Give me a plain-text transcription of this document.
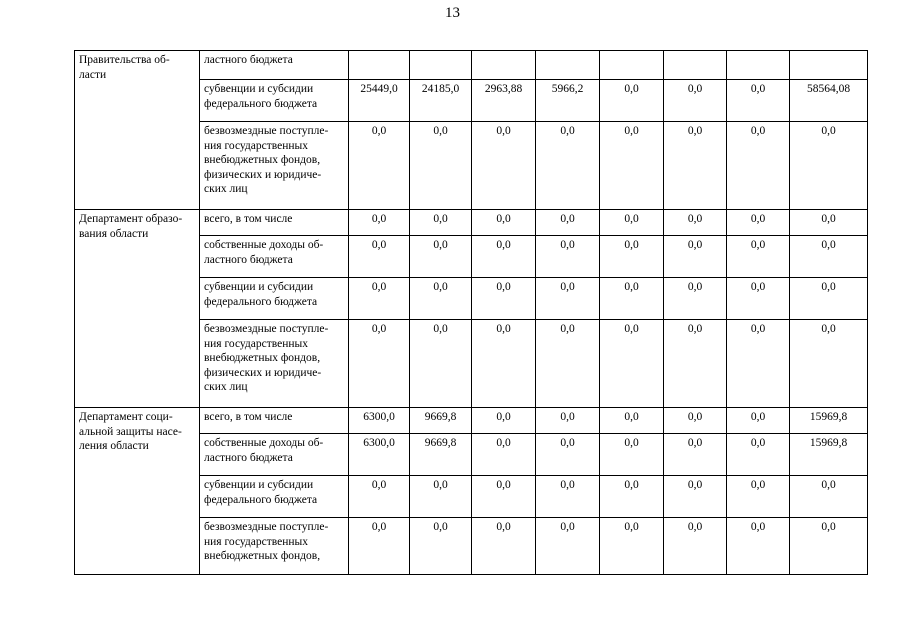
13
Правительства об-
ласти	ластного бюджета								
	субвенции и субсидии
федерального бюджета	25449,0	24185,0	2963,88	5966,2	0,0	0,0	0,0	58564,08
	безвозмездные поступле-
ния государственных
внебюджетных фондов,
физических и юридиче-
ских лиц	0,0	0,0	0,0	0,0	0,0	0,0	0,0	0,0
Департамент образо-
вания области	всего, в том числе	0,0	0,0	0,0	0,0	0,0	0,0	0,0	0,0
	собственные доходы об-
ластного бюджета	0,0	0,0	0,0	0,0	0,0	0,0	0,0	0,0
	субвенции и субсидии
федерального бюджета	0,0	0,0	0,0	0,0	0,0	0,0	0,0	0,0
	безвозмездные поступле-
ния государственных
внебюджетных фондов,
физических и юридиче-
ских лиц	0,0	0,0	0,0	0,0	0,0	0,0	0,0	0,0
Департамент соци-
альной защиты насе-
ления области	всего, в том числе	6300,0	9669,8	0,0	0,0	0,0	0,0	0,0	15969,8
	собственные доходы об-
ластного бюджета	6300,0	9669,8	0,0	0,0	0,0	0,0	0,0	15969,8
	субвенции и субсидии
федерального бюджета	0,0	0,0	0,0	0,0	0,0	0,0	0,0	0,0
	безвозмездные поступле-
ния государственных
внебюджетных фондов,	0,0	0,0	0,0	0,0	0,0	0,0	0,0	0,0
